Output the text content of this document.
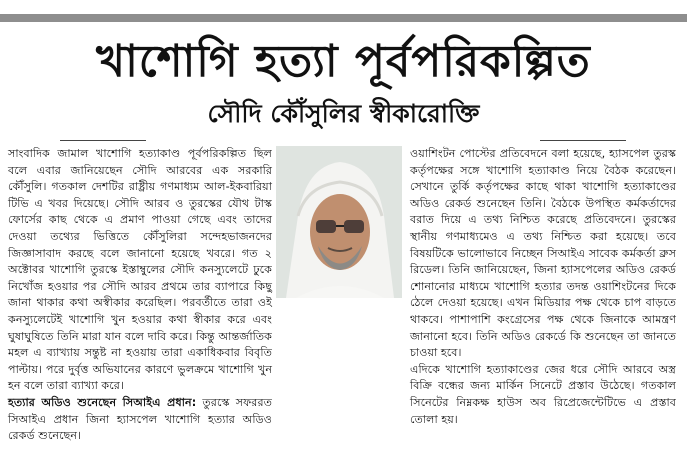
খাশোগি হত্যা পূর্বপরিকল্পিত
সৌদি কৌঁসুলির স্বীকারোক্তি

সাংবাদিক জামাল খাশোগি হত্যাকাণ্ড পূর্বপরিকল্পিত ছিল বলে এবার জানিয়েছেন সৌদি আরবের এক সরকারি কৌঁসুলি। গতকাল দেশটির রাষ্ট্রীয় গণমাধ্যম আল-ইকবারিয়া টিভি এ খবর দিয়েছে। সৌদি আরব ও তুরস্কের যৌথ টাস্ক ফোর্সের কাছ থেকে এ প্রমাণ পাওয়া গেছে এবং তাদের দেওয়া তথ্যের ভিত্তিতে কৌঁসুলিরা সন্দেহভাজনদের জিজ্ঞাসাবাদ করছে বলে জানানো হয়েছে খবরে। গত ২ অক্টোবর খাশোগি তুরস্কে ইস্তাম্বুলের সৌদি কনস্যুলেটে ঢুকে নিখোঁজ হওয়ার পর সৌদি আরব প্রথমে তার ব্যাপারে কিছু জানা থাকার কথা অস্বীকার করেছিল। পরবর্তীতে তারা ওই কনস্যুলেটেই খাশোগি খুন হওয়ার কথা স্বীকার করে এবং ঘুষাঘুষিতে তিনি মারা যান বলে দাবি করে। কিন্তু আন্তর্জাতিক মহল এ ব্যাখ্যায় সন্তুষ্ট না হওয়ায় তারা একাধিকবার বিবৃতি পাল্টায়। পরে দুর্বৃত্ত অভিযানের কারণে ভুলক্রমে খাশোগি খুন হন বলে তারা ব্যাখ্যা করে।

হত্যার অডিও শুনেছেন সিআইএ প্রধান: তুরস্কে সফররত সিআইএ প্রধান জিনা হ্যাসপেল খাশোগি হত্যার অডিও রেকর্ড শুনেছেন।

ওয়াশিংটন পোস্টের প্রতিবেদনে বলা হয়েছে, হ্যাসপেল তুরস্ক কর্তৃপক্ষের সঙ্গে খাশোগি হত্যাকাণ্ড নিয়ে বৈঠক করেছেন। সেখানে তুর্কি কর্তৃপক্ষের কাছে থাকা খাশোগি হত্যাকাণ্ডের অডিও রেকর্ড শুনেছেন তিনি। বৈঠকে উপস্থিত কর্মকর্তাদের বরাত দিয়ে এ তথ্য নিশ্চিত করেছে প্রতিবেদনে। তুরস্কের স্থানীয় গণমাধ্যমেও এ তথ্য নিশ্চিত করা হয়েছে। তবে বিষয়টিকে ভালোভাবে নিচ্ছেন সিআইএ সাবেক কর্মকর্তা ব্রুস রিডেল। তিনি জানিয়েছেন, জিনা হ্যাসপেলের অডিও রেকর্ড শোনানোর মাধ্যমে খাশোগি হত্যার তদন্ত ওয়াশিংটনের দিকে ঠেলে দেওয়া হয়েছে। এখন মিডিয়ার পক্ষ থেকে চাপ বাড়তে থাকবে। পাশাপাশি কংগ্রেসের পক্ষ থেকে জিনাকে আমন্ত্রণ জানানো হবে। তিনি অডিও রেকর্ডে কি শুনেছেন তা জানতে চাওয়া হবে।

এদিকে খাশোগি হত্যাকাণ্ডের জের ধরে সৌদি আরবে অস্ত্র বিক্রি বন্ধের জন্য মার্কিন সিনেটে প্রস্তাব উঠেছে। গতকাল সিনেটের নিম্নকক্ষ হাউস অব রিপ্রেজেন্টেটিভে এ প্রস্তাব তোলা হয়।
